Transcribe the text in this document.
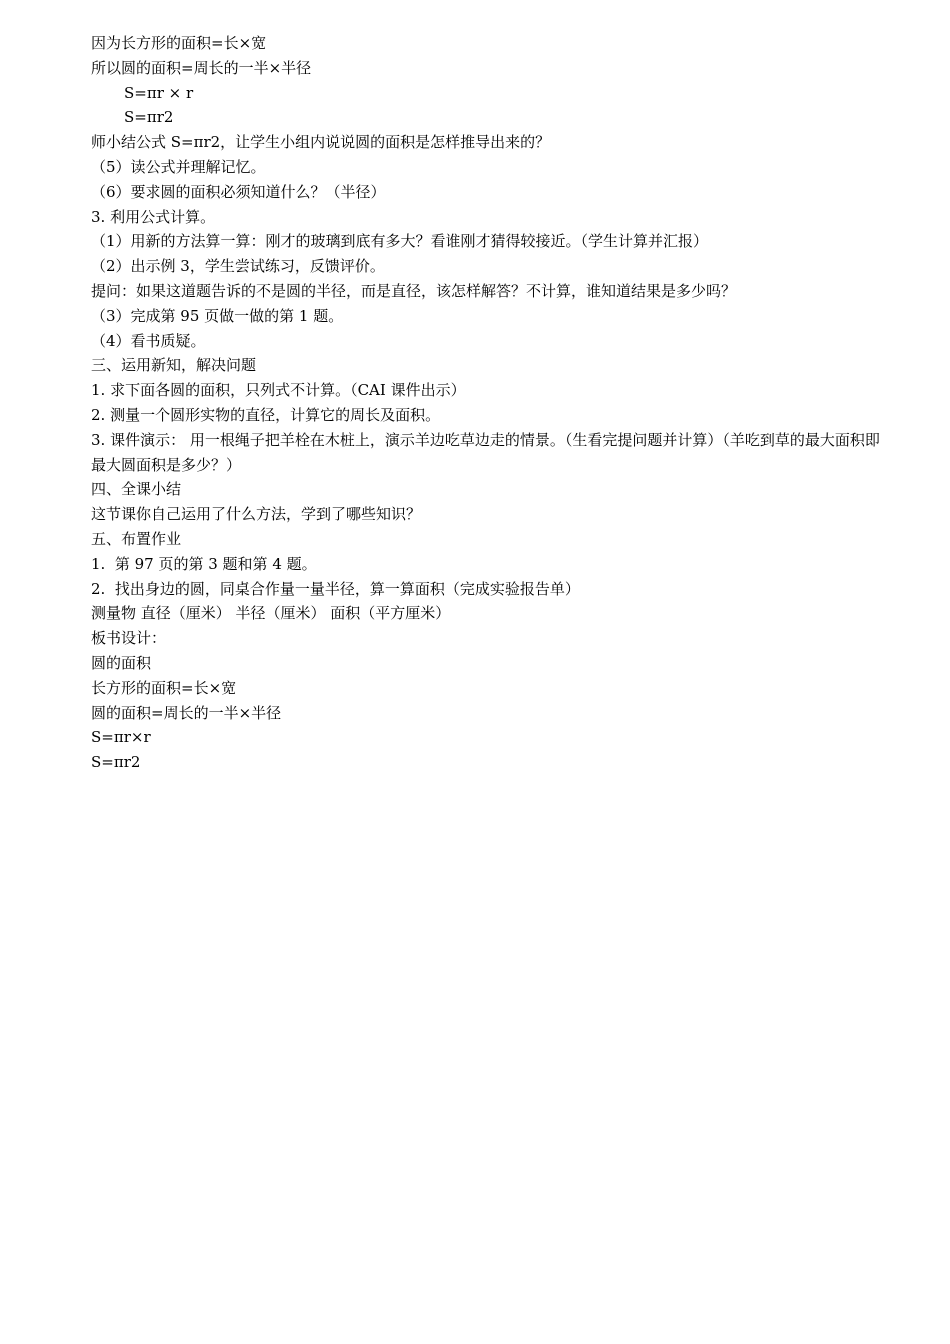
因为长方形的面积=长×宽

所以圆的面积=周长的一半×半径

S=πr × r

S=πr2

师小结公式 S=πr2，让学生小组内说说圆的面积是怎样推导出来的？

（5）读公式并理解记忆。

（6）要求圆的面积必须知道什么？（半径）

3. 利用公式计算。

（1）用新的方法算一算：刚才的玻璃到底有多大？看谁刚才猜得较接近。（学生计算并汇报）

（2）出示例 3，学生尝试练习，反馈评价。

提问：如果这道题告诉的不是圆的半径，而是直径，该怎样解答？不计算，谁知道结果是多少吗？

（3）完成第 95 页做一做的第 1 题。

（4）看书质疑。

三、运用新知，解决问题

1. 求下面各圆的面积，只列式不计算。（CAI 课件出示）

2. 测量一个圆形实物的直径，计算它的周长及面积。

3. 课件演示： 用一根绳子把羊栓在木桩上，演示羊边吃草边走的情景。（生看完提问题并计算）（羊吃到草的最大面积即最大圆面积是多少？）

四、全课小结

这节课你自己运用了什么方法，学到了哪些知识？

五、布置作业

1.  第 97 页的第 3 题和第 4 题。

2.  找出身边的圆，同桌合作量一量半径，算一算面积（完成实验报告单）

测量物 直径（厘米） 半径（厘米） 面积（平方厘米）

板书设计：

圆的面积

长方形的面积=长×宽

圆的面积=周长的一半×半径

S=πr×r

S=πr2
